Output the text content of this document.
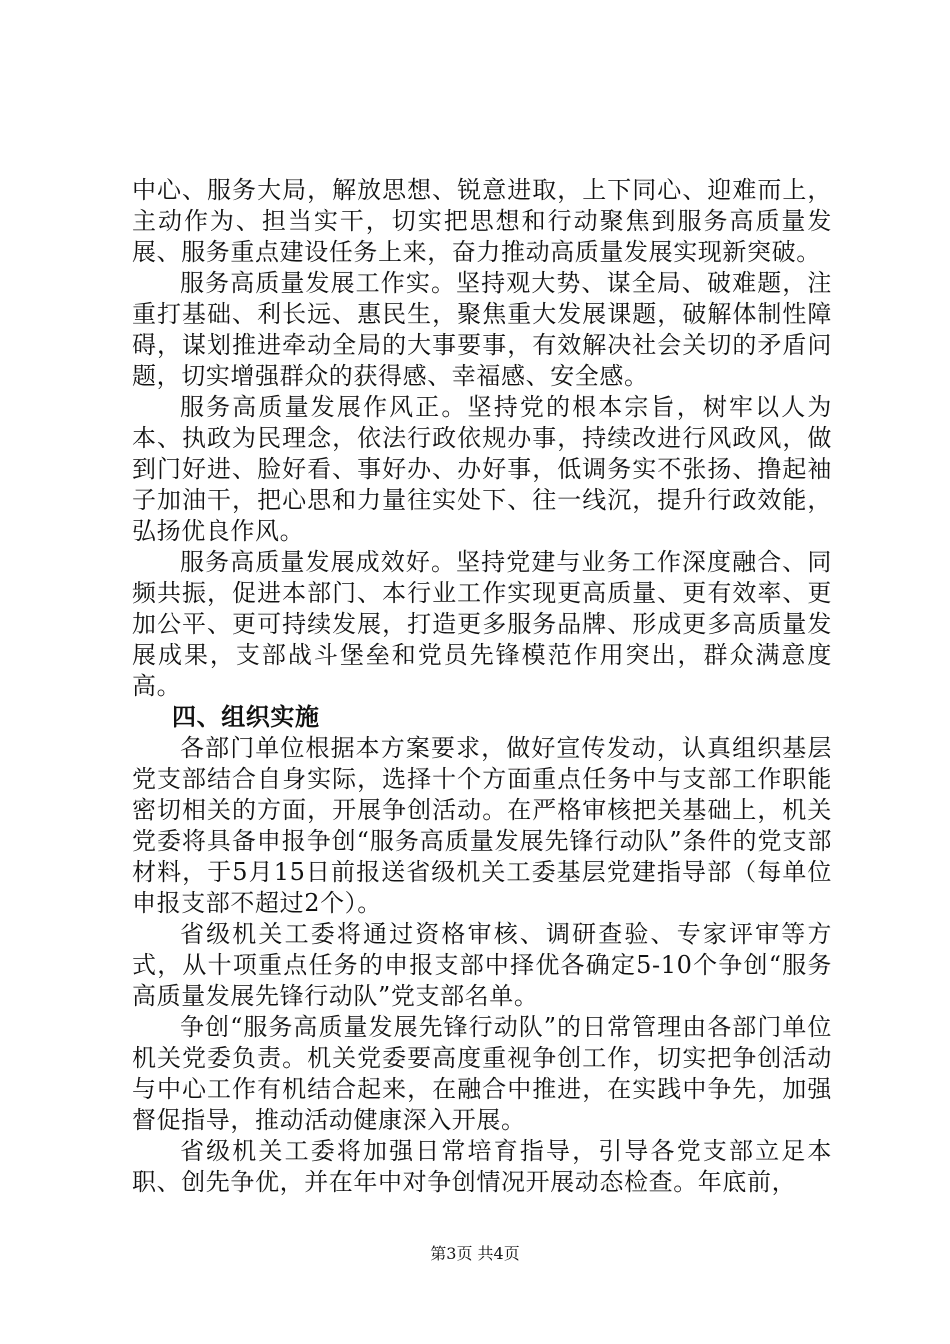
中心、服务大局，解放思想、锐意进取，上下同心、迎难而上，主动作为、担当实干，切实把思想和行动聚焦到服务高质量发展、服务重点建设任务上来，奋力推动高质量发展实现新突破。

服务高质量发展工作实。坚持观大势、谋全局、破难题，注重打基础、利长远、惠民生，聚焦重大发展课题，破解体制性障碍，谋划推进牵动全局的大事要事，有效解决社会关切的矛盾问题，切实增强群众的获得感、幸福感、安全感。

服务高质量发展作风正。坚持党的根本宗旨，树牢以人为本、执政为民理念，依法行政依规办事，持续改进行风政风，做到门好进、脸好看、事好办、办好事，低调务实不张扬、撸起袖子加油干，把心思和力量往实处下、往一线沉，提升行政效能，弘扬优良作风。

服务高质量发展成效好。坚持党建与业务工作深度融合、同频共振，促进本部门、本行业工作实现更高质量、更有效率、更加公平、更可持续发展，打造更多服务品牌、形成更多高质量发展成果，支部战斗堡垒和党员先锋模范作用突出，群众满意度高。

四、组织实施

各部门单位根据本方案要求，做好宣传发动，认真组织基层党支部结合自身实际，选择十个方面重点任务中与支部工作职能密切相关的方面，开展争创活动。在严格审核把关基础上，机关党委将具备申报争创“服务高质量发展先锋行动队”条件的党支部材料，于5月15日前报送省级机关工委基层党建指导部（每单位申报支部不超过2个）。

省级机关工委将通过资格审核、调研查验、专家评审等方式，从十项重点任务的申报支部中择优各确定5-10个争创“服务高质量发展先锋行动队”党支部名单。

争创“服务高质量发展先锋行动队”的日常管理由各部门单位机关党委负责。机关党委要高度重视争创工作，切实把争创活动与中心工作有机结合起来，在融合中推进，在实践中争先，加强督促指导，推动活动健康深入开展。

省级机关工委将加强日常培育指导，引导各党支部立足本职、创先争优，并在年中对争创情况开展动态检查。年底前，

第3页 共4页
